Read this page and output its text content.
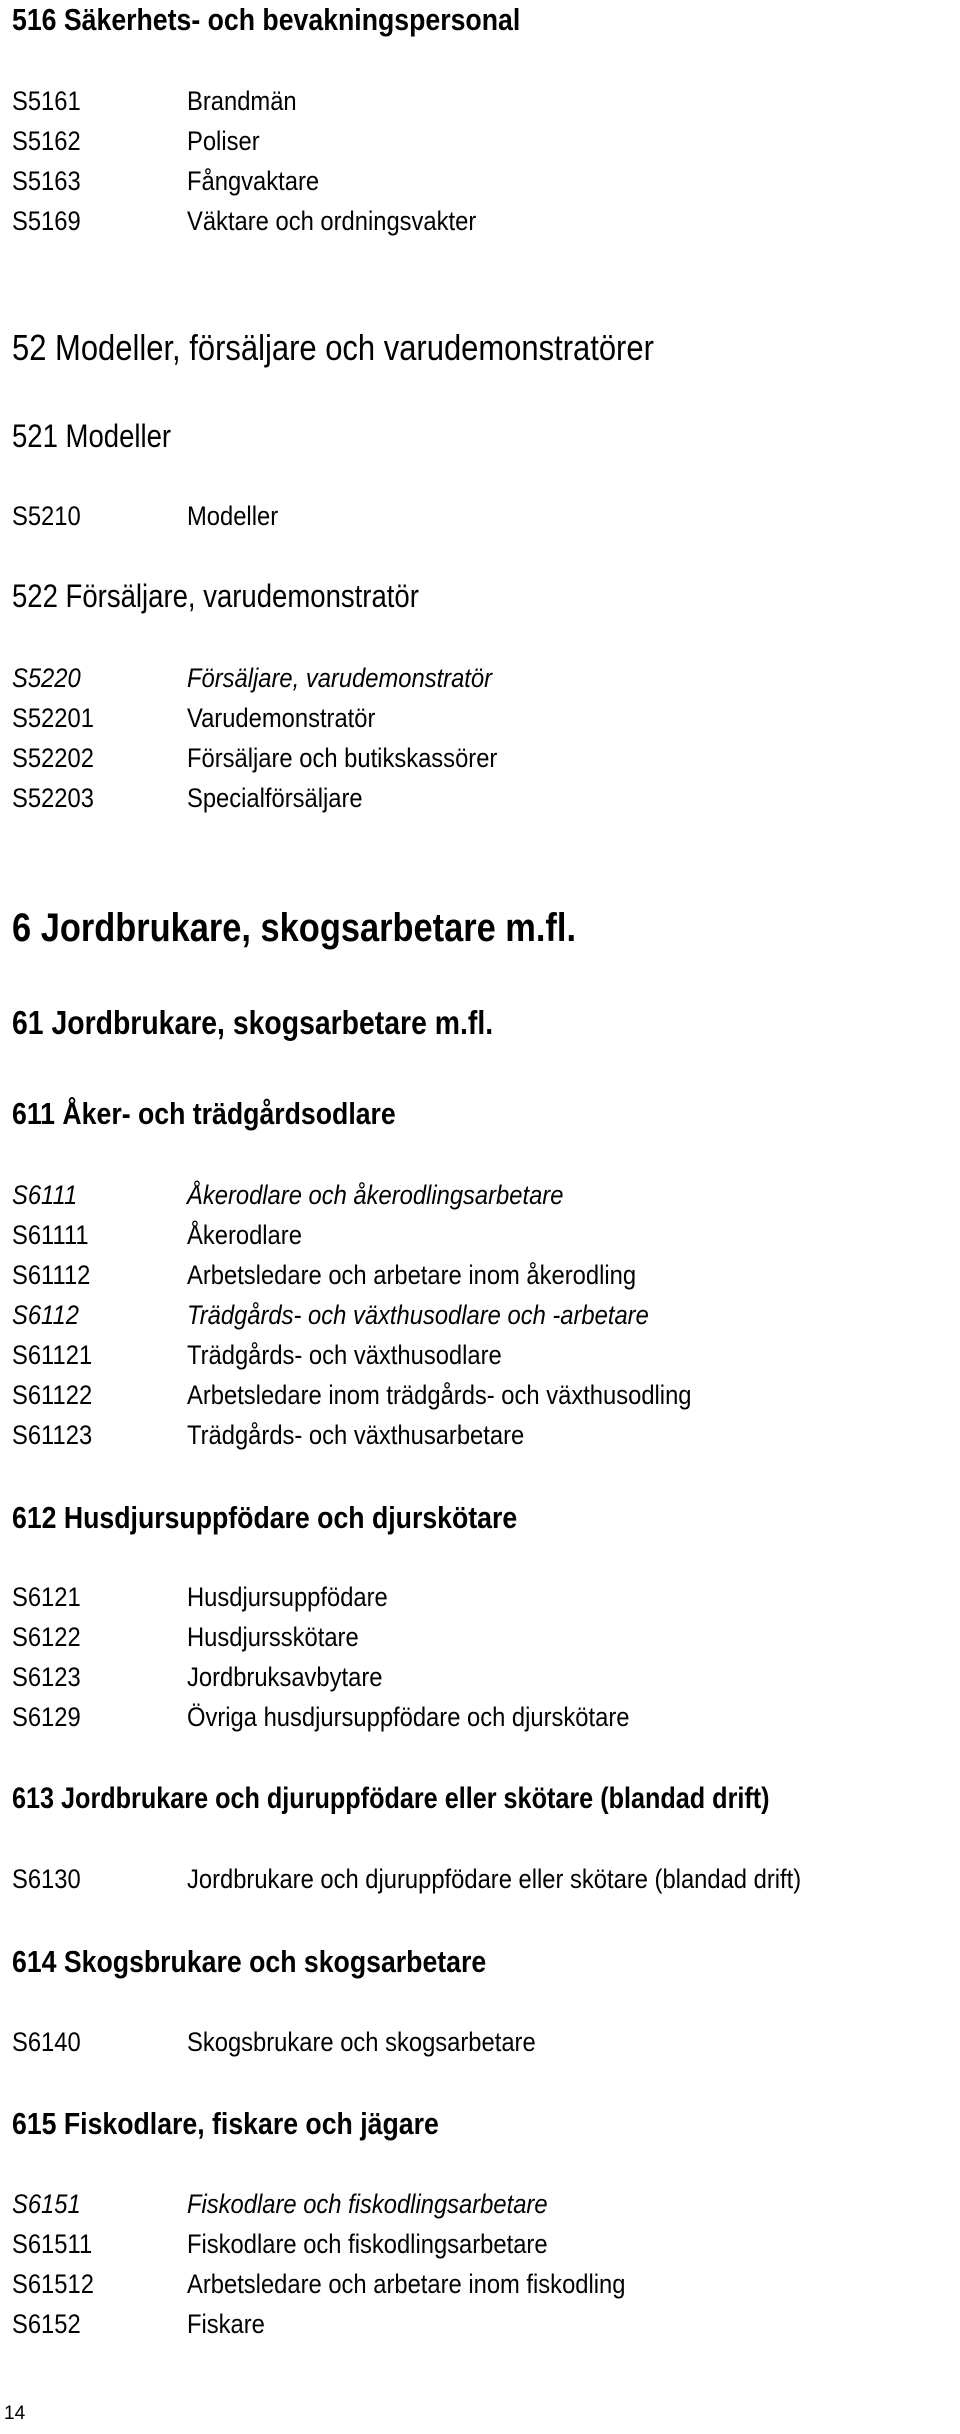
516 Säkerhets- och bevakningspersonal
S5161	Brandmän
S5162	Poliser
S5163	Fångvaktare
S5169	Väktare och ordningsvakter
52 Modeller, försäljare och varudemonstratörer
521 Modeller
S5210	Modeller
522 Försäljare, varudemonstratör
S5220	Försäljare, varudemonstratör
S52201	Varudemonstratör
S52202	Försäljare och butikskassörer
S52203	Specialförsäljare
6 Jordbrukare, skogsarbetare m.fl.
61 Jordbrukare, skogsarbetare m.fl.
611 Åker- och trädgårdsodlare
S6111	Åkerodlare och åkerodlingsarbetare
S61111	Åkerodlare
S61112	Arbetsledare och arbetare inom åkerodling
S6112	Trädgårds- och växthusodlare och -arbetare
S61121	Trädgårds- och växthusodlare
S61122	Arbetsledare inom trädgårds- och växthusodling
S61123	Trädgårds- och växthusarbetare
612 Husdjursuppfödare och djurskötare
S6121	Husdjursuppfödare
S6122	Husdjursskötare
S6123	Jordbruksavbytare
S6129	Övriga husdjursuppfödare och djurskötare
613 Jordbrukare och djuruppfödare eller skötare (blandad drift)
S6130	Jordbrukare och djuruppfödare eller skötare (blandad drift)
614 Skogsbrukare och skogsarbetare
S6140	Skogsbrukare och skogsarbetare
615 Fiskodlare, fiskare och jägare
S6151	Fiskodlare och fiskodlingsarbetare
S61511	Fiskodlare och fiskodlingsarbetare
S61512	Arbetsledare och arbetare inom fiskodling
S6152	Fiskare
14
